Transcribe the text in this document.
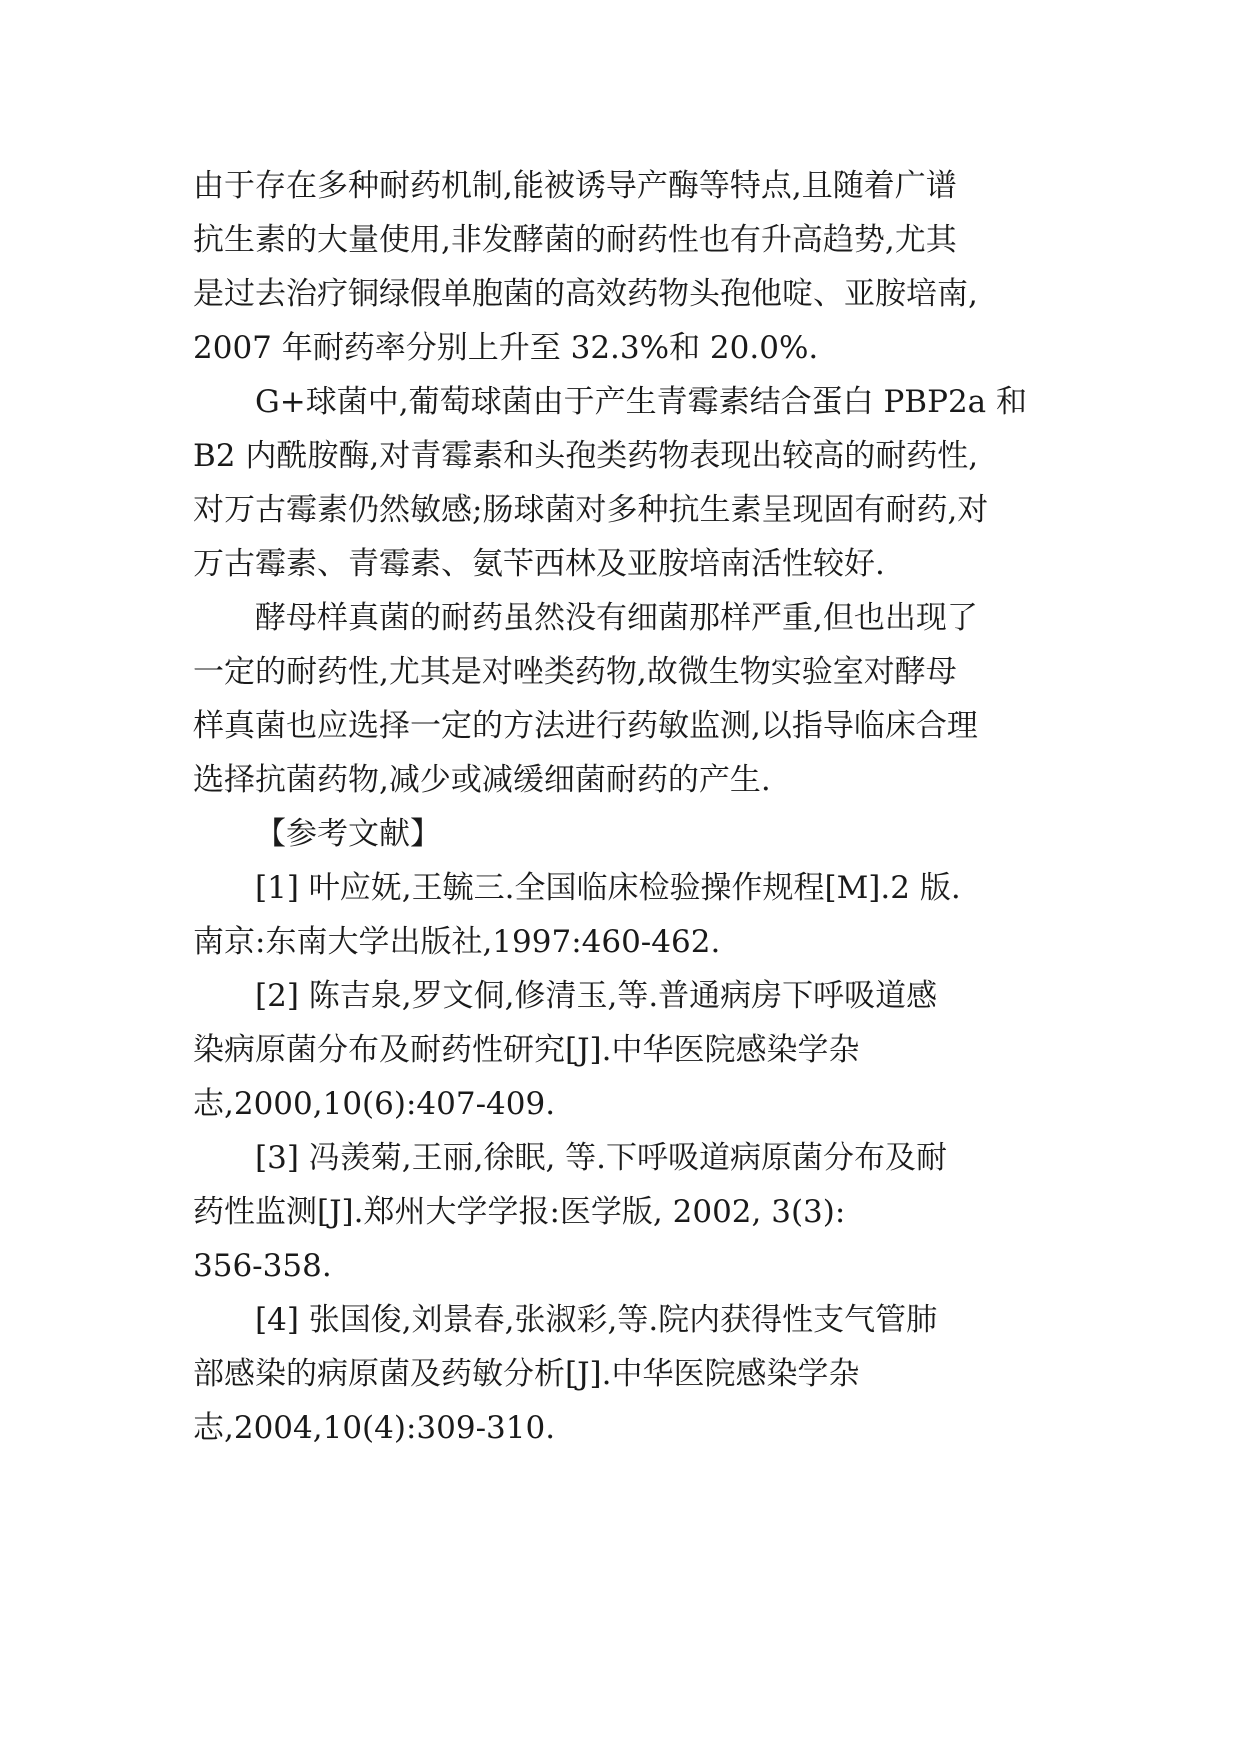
由于存在多种耐药机制,能被诱导产酶等特点,且随着广谱
抗生素的大量使用,非发酵菌的耐药性也有升高趋势,尤其
是过去治疗铜绿假单胞菌的高效药物头孢他啶、亚胺培南,
2007 年耐药率分别上升至 32.3%和 20.0%.
G+球菌中,葡萄球菌由于产生青霉素结合蛋白 PBP2a 和
B2 内酰胺酶,对青霉素和头孢类药物表现出较高的耐药性,
对万古霉素仍然敏感;肠球菌对多种抗生素呈现固有耐药,对
万古霉素、青霉素、氨苄西林及亚胺培南活性较好.
酵母样真菌的耐药虽然没有细菌那样严重,但也出现了
一定的耐药性,尤其是对唑类药物,故微生物实验室对酵母
样真菌也应选择一定的方法进行药敏监测,以指导临床合理
选择抗菌药物,减少或减缓细菌耐药的产生.
【参考文献】
[1] 叶应妩,王毓三.全国临床检验操作规程[M].2 版.
南京:东南大学出版社,1997:460-462.
[2] 陈吉泉,罗文侗,修清玉,等.普通病房下呼吸道感
染病原菌分布及耐药性研究[J].中华医院感染学杂
志,2000,10(6):407-409.
[3] 冯羡菊,王丽,徐眠, 等.下呼吸道病原菌分布及耐
药性监测[J].郑州大学学报:医学版, 2002, 3(3):
356-358.
[4] 张国俊,刘景春,张淑彩,等.院内获得性支气管肺
部感染的病原菌及药敏分析[J].中华医院感染学杂
志,2004,10(4):309-310.
